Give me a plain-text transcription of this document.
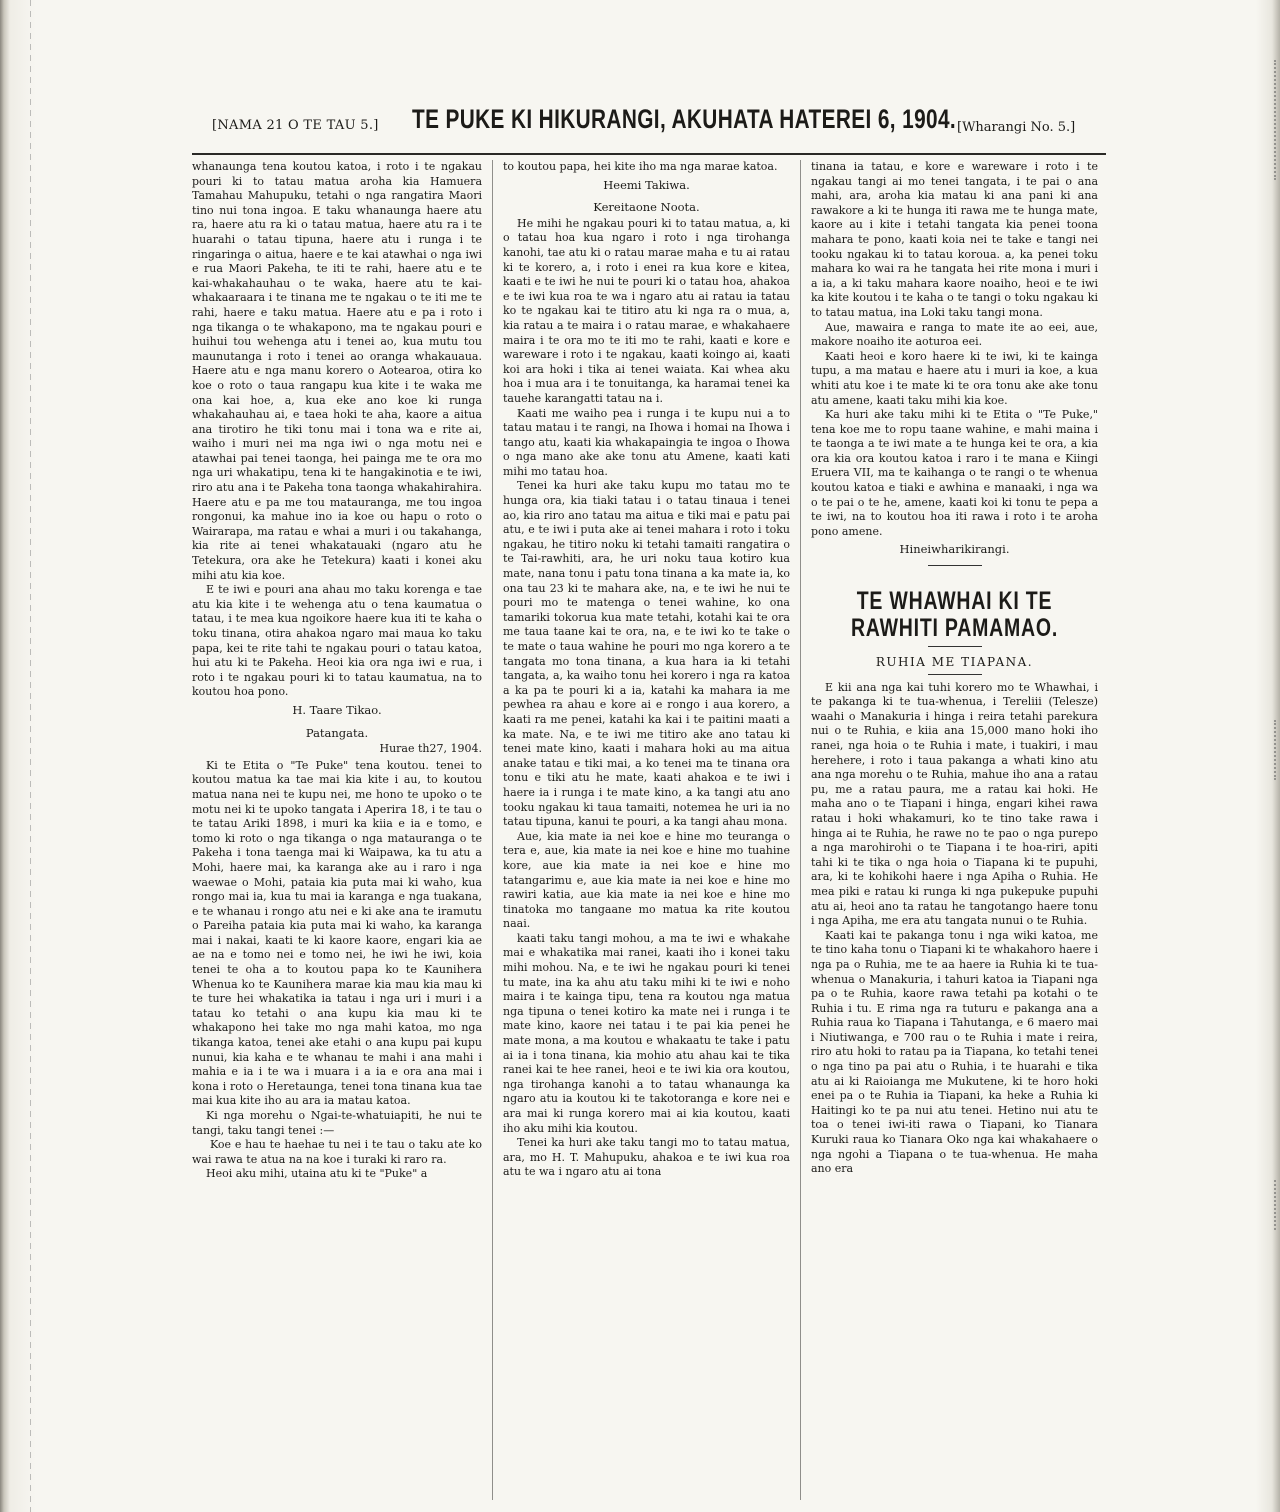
[NAMA 21 O TE TAU 5.] TE PUKE KI HIKURANGI, AKUHATA HATEREI 6, 1904. [Wharangi No. 5.]

whanaunga tena koutou katoa, i roto i te ngakau pouri ki to tatau matua aroha kia Hamuera Tamahau Mahupuku, tetahi o nga rangatira Maori tino nui tona ingoa. E taku whanaunga haere atu ra, haere atu ra ki o tatau matua, haere atu ra i te huarahi o tatau tipuna, haere atu i runga i te ringaringa o aitua, haere e te kai atawhai o nga iwi e rua Maori Pakeha, te iti te rahi, haere atu e te kai-whakahauhau o te waka, haere atu te kai-whakaaraara i te tinana me te ngakau o te iti me te rahi, haere e taku matua. Haere atu e pa i roto i nga tikanga o te whakapono, ma te ngakau pouri e huihui tou wehenga atu i tenei ao, kua mutu tou maunutanga i roto i tenei ao oranga whakauaua. Haere atu e nga manu korero o Aotearoa, otira ko koe o roto o taua rangapu kua kite i te waka me ona kai hoe, a, kua eke ano koe ki runga whakahauhau ai, e taea hoki te aha, kaore a aitua ana tirotiro he tiki tonu mai i tona wa e rite ai, waiho i muri nei ma nga iwi o nga motu nei e atawhai pai tenei taonga, hei painga me te ora mo nga uri whakatipu, tena ki te hangakinotia e te iwi, riro atu ana i te Pakeha tona taonga whakahirahira. Haere atu e pa me tou matauranga, me tou ingoa rongonui, ka mahue ino ia koe ou hapu o roto o Wairarapa, ma ratau e whai a muri i ou takahanga, kia rite ai tenei whakatauaki (ngaro atu he Tetekura, ora ake he Tetekura) kaati i konei aku mihi atu kia koe.

E te iwi e pouri ana ahau mo taku korenga e tae atu kia kite i te wehenga atu o tena kaumatua o tatau, i te mea kua ngoikore haere kua iti te kaha o toku tinana, otira ahakoa ngaro mai maua ko taku papa, kei te rite tahi te ngakau pouri o tatau katoa, hui atu ki te Pakeha. Heoi kia ora nga iwi e rua, i roto i te ngakau pouri ki to tatau kaumatua, na to koutou hoa pono.

H. Taare Tikao.

Patangata.

Hurae th27, 1904.

Ki te Etita o "Te Puke" tena koutou. tenei to koutou matua ka tae mai kia kite i au, to koutou matua nana nei te kupu nei, me hono te upoko o te motu nei ki te upoko tangata i Aperira 18, i te tau o te tatau Ariki 1898, i muri ka kiia e ia e tomo, e tomo ki roto o nga tikanga o nga matauranga o te Pakeha i tona taenga mai ki Waipawa, ka tu atu a Mohi, haere mai, ka karanga ake au i raro i nga waewae o Mohi, pataia kia puta mai ki waho, kua rongo mai ia, kua tu mai ia karanga e nga tuakana, e te whanau i rongo atu nei e ki ake ana te iramutu o Pareiha pataia kia puta mai ki waho, ka karanga mai i nakai, kaati te ki kaore kaore, engari kia ae ae na e tomo nei e tomo nei, he iwi he iwi, koia tenei te oha a to koutou papa ko te Kaunihera Whenua ko te Kaunihera marae kia mau kia mau ki te ture hei whakatika ia tatau i nga uri i muri i a tatau ko tetahi o ana kupu kia mau ki te whakapono hei take mo nga mahi katoa, mo nga tikanga katoa, tenei ake etahi o ana kupu pai kupu nunui, kia kaha e te whanau te mahi i ana mahi i mahia e ia i te wa i muara i a ia e ora ana mai i kona i roto o Heretaunga, tenei tona tinana kua tae mai kua kite iho au ara ia matau katoa.

Ki nga morehu o Ngai-te-whatuiapiti, he nui te tangi, taku tangi tenei :—

Koe e hau te haehae tu nei i te tau o taku ate ko wai rawa te atua na na koe i turaki ki raro ra.

Heoi aku mihi, utaina atu ki te "Puke" a

to koutou papa, hei kite iho ma nga marae katoa.

Heemi Takiwa.

Kereitaone Noota.

He mihi he ngakau pouri ki to tatau matua, a, ki o tatau hoa kua ngaro i roto i nga tirohanga kanohi, tae atu ki o ratau marae maha e tu ai ratau ki te korero, a, i roto i enei ra kua kore e kitea, kaati e te iwi he nui te pouri ki o tatau hoa, ahakoa e te iwi kua roa te wa i ngaro atu ai ratau ia tatau ko te ngakau kai te titiro atu ki nga ra o mua, a, kia ratau a te maira i o ratau marae, e whakahaere maira i te ora mo te iti mo te rahi, kaati e kore e wareware i roto i te ngakau, kaati koingo ai, kaati koi ara hoki i tika ai tenei waiata. Kai whea aku hoa i mua ara i te tonuitanga, ka haramai tenei ka tauehe karangatti tatau na i.

Kaati me waiho pea i runga i te kupu nui a to tatau matau i te rangi, na Ihowa i homai na Ihowa i tango atu, kaati kia whakapaingia te ingoa o Ihowa o nga mano ake ake tonu atu Amene, kaati kati mihi mo tatau hoa.

Tenei ka huri ake taku kupu mo tatau mo te hunga ora, kia tiaki tatau i o tatau tinaua i tenei ao, kia riro ano tatau ma aitua e tiki mai e patu pai atu, e te iwi i puta ake ai tenei mahara i roto i toku ngakau, he titiro noku ki tetahi tamaiti rangatira o te Tai-rawhiti, ara, he uri noku taua kotiro kua mate, nana tonu i patu tona tinana a ka mate ia, ko ona tau 23 ki te mahara ake, na, e te iwi he nui te pouri mo te matenga o tenei wahine, ko ona tamariki tokorua kua mate tetahi, kotahi kai te ora me taua taane kai te ora, na, e te iwi ko te take o te mate o taua wahine he pouri mo nga korero a te tangata mo tona tinana, a kua hara ia ki tetahi tangata, a, ka waiho tonu hei korero i nga ra katoa a ka pa te pouri ki a ia, katahi ka mahara ia me pewhea ra ahau e kore ai e rongo i aua korero, a kaati ra me penei, katahi ka kai i te paitini maati a ka mate. Na, e te iwi me titiro ake ano tatau ki tenei mate kino, kaati i mahara hoki au ma aitua anake tatau e tiki mai, a ko tenei ma te tinana ora tonu e tiki atu he mate, kaati ahakoa e te iwi i haere ia i runga i te mate kino, a ka tangi atu ano tooku ngakau ki taua tamaiti, notemea he uri ia no tatau tipuna, kanui te pouri, a ka tangi ahau mona.

Aue, kia mate ia nei koe e hine mo teuranga o tera e, aue, kia mate ia nei koe e hine mo tuahine kore, aue kia mate ia nei koe e hine mo tatangarimu e, aue kia mate ia nei koe e hine mo rawiri katia, aue kia mate ia nei koe e hine mo tinatoka mo tangaane mo matua ka rite koutou naai.

kaati taku tangi mohou, a ma te iwi e whakahe mai e whakatika mai ranei, kaati iho i konei taku mihi mohou. Na, e te iwi he ngakau pouri ki tenei tu mate, ina ka ahu atu taku mihi ki te iwi e noho maira i te kainga tipu, tena ra koutou nga matua nga tipuna o tenei kotiro ka mate nei i runga i te mate kino, kaore nei tatau i te pai kia penei he mate mona, a ma koutou e whakaatu te take i patu ai ia i tona tinana, kia mohio atu ahau kai te tika ranei kai te hee ranei, heoi e te iwi kia ora koutou, nga tirohanga kanohi a to tatau whanaunga ka ngaro atu ia koutou ki te takotoranga e kore nei e ara mai ki runga korero mai ai kia koutou, kaati iho aku mihi kia koutou.

Tenei ka huri ake taku tangi mo to tatau matua, ara, mo H. T. Mahupuku, ahakoa e te iwi kua roa atu te wa i ngaro atu ai tona

tinana ia tatau, e kore e wareware i roto i te ngakau tangi ai mo tenei tangata, i te pai o ana mahi, ara, aroha kia matau ki ana pani ki ana rawakore a ki te hunga iti rawa me te hunga mate, kaore au i kite i tetahi tangata kia penei toona mahara te pono, kaati koia nei te take e tangi nei tooku ngakau ki to tatau koroua. a, ka penei toku mahara ko wai ra he tangata hei rite mona i muri i a ia, a ki taku mahara kaore noaiho, heoi e te iwi ka kite koutou i te kaha o te tangi o toku ngakau ki to tatau matua, ina Loki taku tangi mona.

Aue, mawaira e ranga to mate ite ao eei, aue, makore noaiho ite aoturoa eei.

Kaati heoi e koro haere ki te iwi, ki te kainga tupu, a ma matau e haere atu i muri ia koe, a kua whiti atu koe i te mate ki te ora tonu ake ake tonu atu amene, kaati taku mihi kia koe.

Ka huri ake taku mihi ki te Etita o "Te Puke," tena koe me to ropu taane wahine, e mahi maina i te taonga a te iwi mate a te hunga kei te ora, a kia ora kia ora koutou katoa i raro i te mana e Kiingi Eruera VII, ma te kaihanga o te rangi o te whenua koutou katoa e tiaki e awhina e manaaki, i nga wa o te pai o te he, amene, kaati koi ki tonu te pepa a te iwi, na to koutou hoa iti rawa i roto i te aroha pono amene.

Hineiwharikirangi.

TE WHAWHAI KI TE RAWHITI PAMAMAO.
RUHIA ME TIAPANA.

E kii ana nga kai tuhi korero mo te Whawhai, i te pakanga ki te tua-whenua, i Tereliii (Telesze) waahi o Manakuria i hinga i reira tetahi parekura nui o te Ruhia, e kiia ana 15,000 mano hoki iho ranei, nga hoia o te Ruhia i mate, i tuakiri, i mau herehere, i roto i taua pakanga a whati kino atu ana nga morehu o te Ruhia, mahue iho ana a ratau pu, me a ratau paura, me a ratau kai hoki. He maha ano o te Tiapani i hinga, engari kihei rawa ratau i hoki whakamuri, ko te tino take rawa i hinga ai te Ruhia, he rawe no te pao o nga purepo a nga marohirohi o te Tiapana i te hoa-riri, apiti tahi ki te tika o nga hoia o Tiapana ki te pupuhi, ara, ki te kohikohi haere i nga Apiha o Ruhia. He mea piki e ratau ki runga ki nga pukepuke pupuhi atu ai, heoi ano ta ratau he tangotango haere tonu i nga Apiha, me era atu tangata nunui o te Ruhia.

Kaati kai te pakanga tonu i nga wiki katoa, me te tino kaha tonu o Tiapani ki te whakahoro haere i nga pa o Ruhia, me te aa haere ia Ruhia ki te tua-whenua o Manakuria, i tahuri katoa ia Tiapani nga pa o te Ruhia, kaore rawa tetahi pa kotahi o te Ruhia i tu. E rima nga ra tuturu e pakanga ana a Ruhia raua ko Tiapana i Tahutanga, e 6 maero mai i Niutiwanga, e 700 rau o te Ruhia i mate i reira, riro atu hoki to ratau pa ia Tiapana, ko tetahi tenei o nga tino pa pai atu o Ruhia, i te huarahi e tika atu ai ki Raioianga me Mukutene, ki te horo hoki enei pa o te Ruhia ia Tiapani, ka heke a Ruhia ki Haitingi ko te pa nui atu tenei. Hetino nui atu te toa o tenei iwi-iti rawa o Tiapani, ko Tianara Kuruki raua ko Tianara Oko nga kai whakahaere o nga ngohi a Tiapana o te tua-whenua. He maha ano era
